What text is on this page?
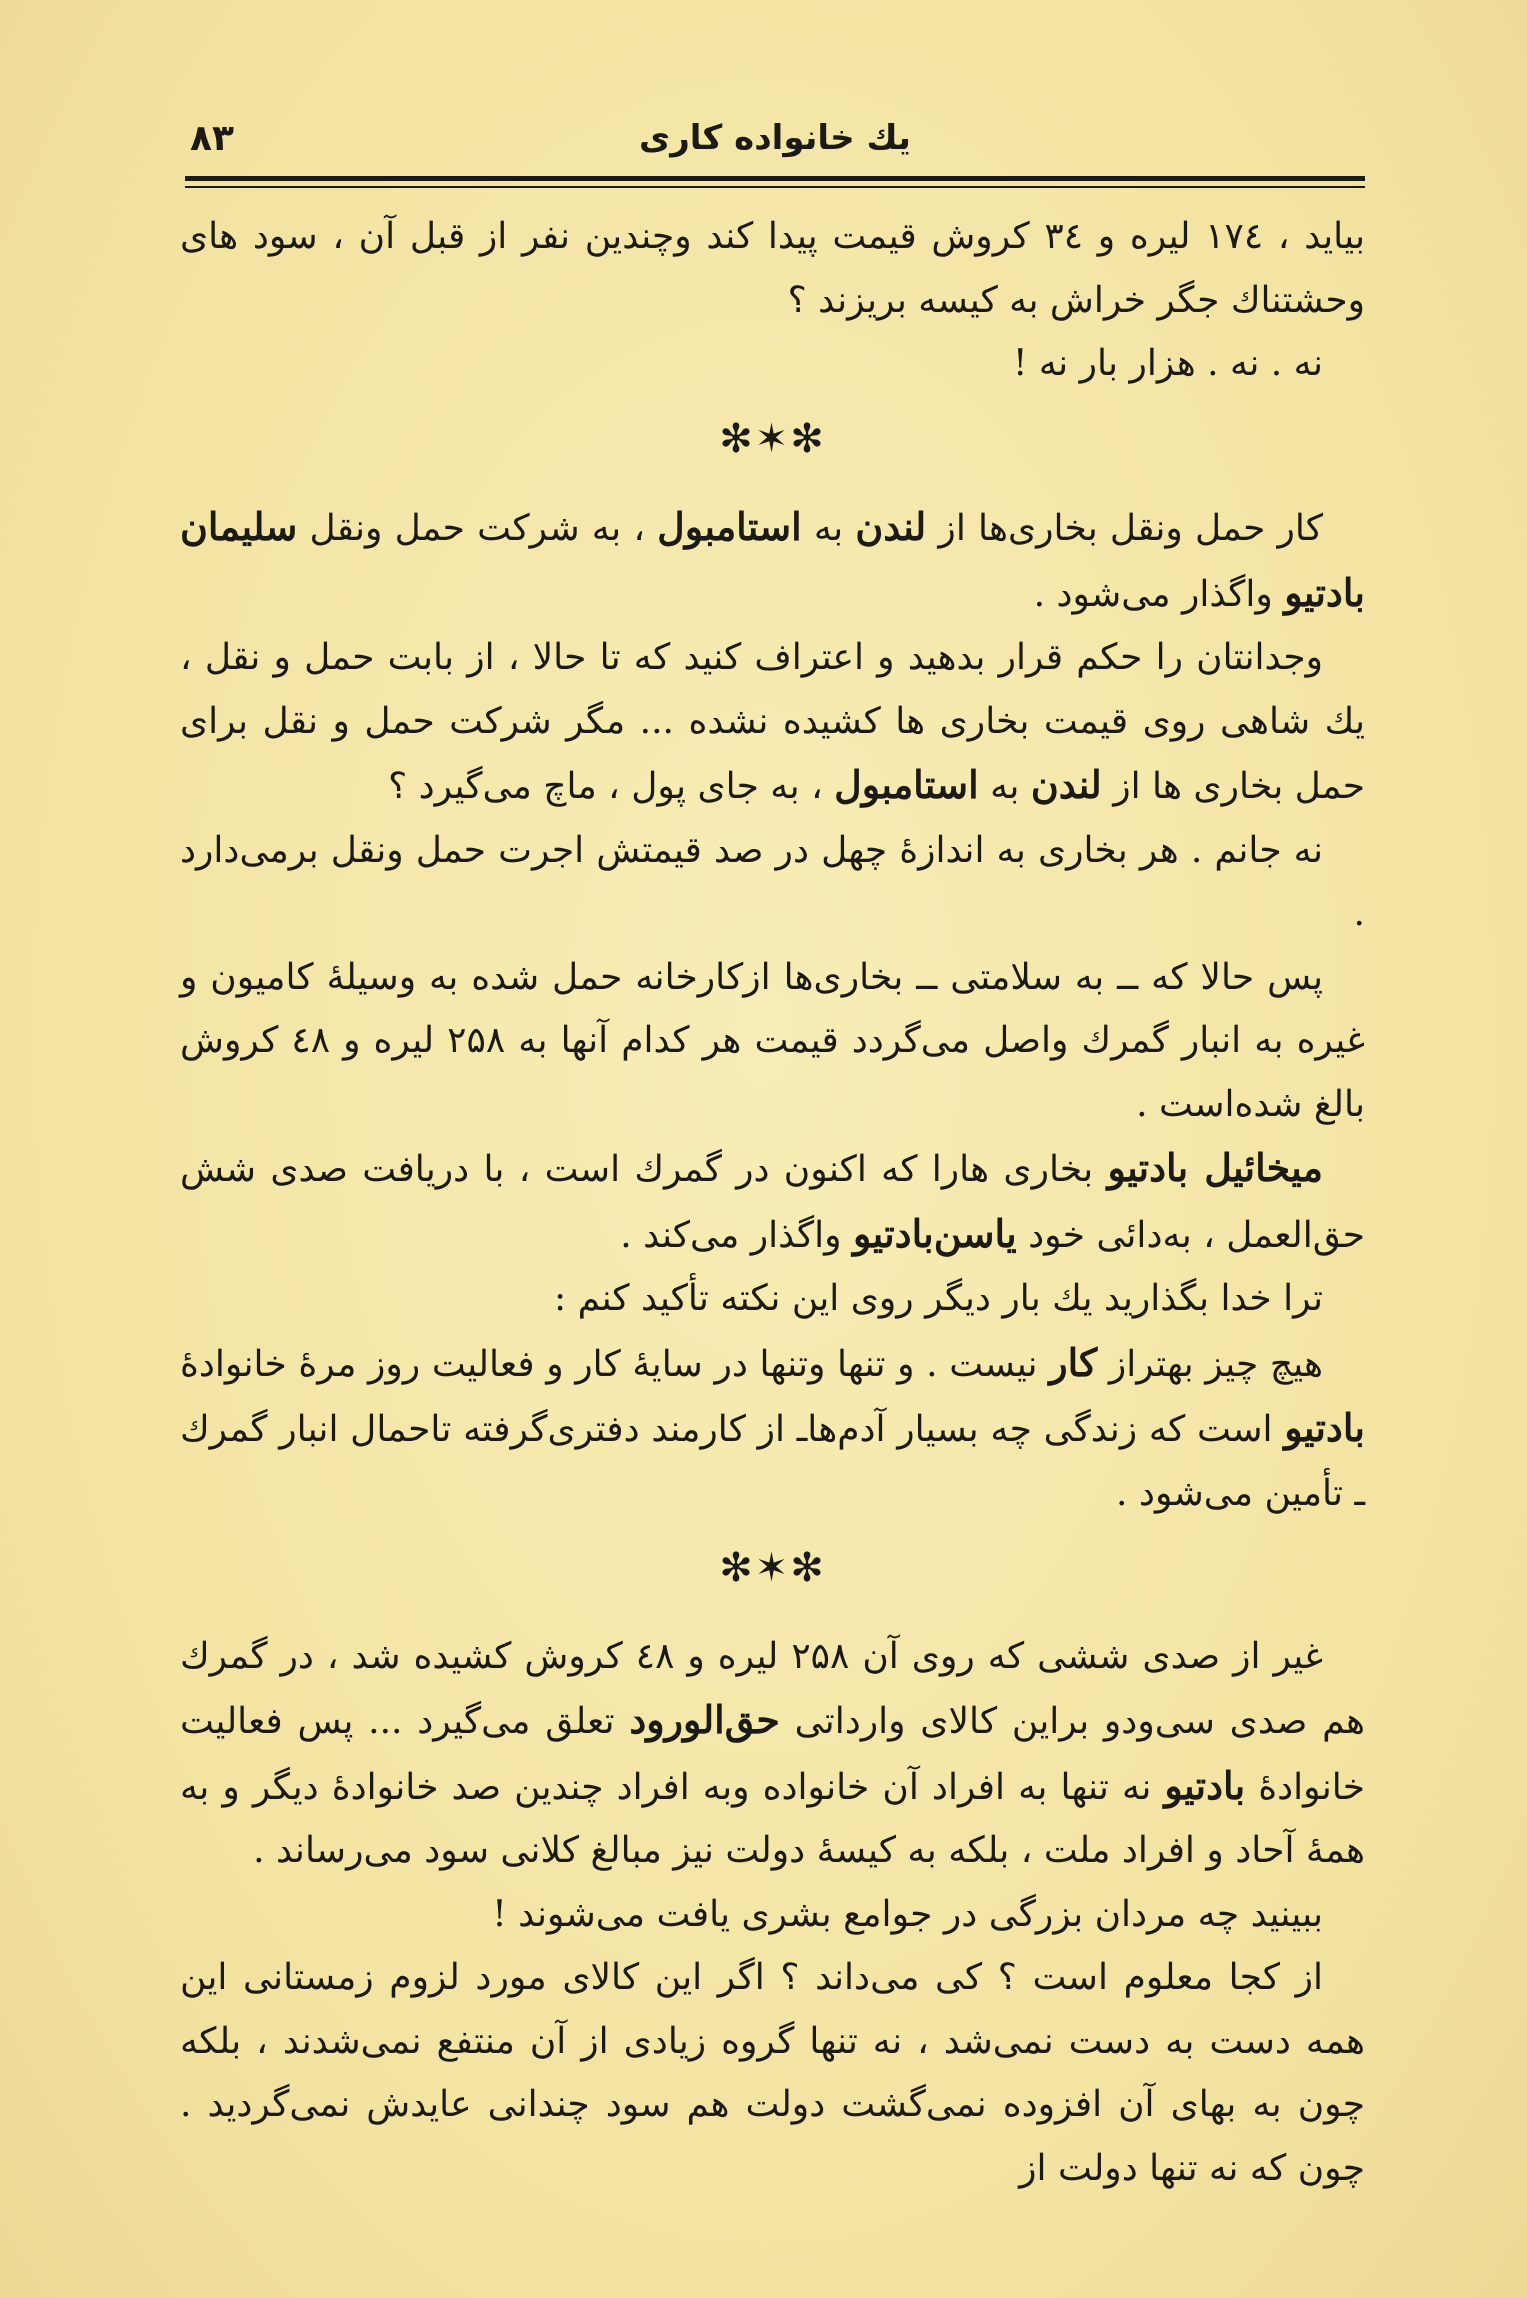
یك خانواده کاری
۸۳

بیاید ، ۱۷٤ لیره و ۳٤ کروش قیمت پیدا کند وچندین نفر از قبل آن ، سود های وحشتناك جگر خراش به کیسه بریزند ؟

نه . نه . هزار بار نه !

✻✶✻

کار حمل ونقل بخاری‌ها از لندن به استامبول ، به شرکت حمل ونقل سلیمان بادتیو واگذار می‌شود .

وجدانتان را حکم قرار بدهید و اعتراف کنید که تا حالا ، از بابت حمل و نقل ، یك شاهی روی قیمت بخاری ها کشیده نشده ... مگر شرکت حمل و نقل برای حمل بخاری ها از لندن به استامبول ، به جای پول ، ماچ می‌گیرد ؟

نه جانم . هر بخاری به اندازهٔ چهل در صد قیمتش اجرت حمل ونقل برمی‌دارد .

پس حالا که ــ به سلامتی ــ بخاری‌ها ازکارخانه حمل شده به وسیلهٔ کامیون و غیره به انبار گمرك واصل می‌گردد قیمت هر کدام آنها به ۲۵۸ لیره و ٤۸ کروش بالغ شده‌است .

میخائیل بادتیو بخاری هارا که اکنون در گمرك است ، با دریافت صدی شش حق‌العمل ، به‌دائی خود یاسن‌بادتیو واگذار می‌کند .

ترا خدا بگذارید یك بار دیگر روی این نکته تأکید کنم :

هیچ چیز بهتراز کار نیست . و تنها وتنها در سایهٔ کار و فعالیت روز مرهٔ خانوادهٔ بادتیو است که زندگی چه بسیار آدم‌هاـ از کارمند دفتری‌گرفته تاحمال انبار گمرك ـ تأمین می‌شود .

✻✶✻

غیر از صدی ششی که روی آن ۲۵۸ لیره و ٤۸ کروش کشیده شد ، در گمرك هم صدی سی‌ودو براین کالای وارداتی حق‌الورود تعلق می‌گیرد ... پس فعالیت خانوادهٔ بادتیو نه تنها به افراد آن خانواده وبه افراد چندین صد خانوادهٔ دیگر و به همهٔ آحاد و افراد ملت ، بلکه به کیسهٔ دولت نیز مبالغ کلانی سود می‌رساند .

ببینید چه مردان بزرگی در جوامع بشری یافت می‌شوند !

از کجا معلوم است ؟ کی می‌داند ؟ اگر این کالای مورد لزوم زمستانی این همه دست به دست نمی‌شد ، نه تنها گروه زیادی از آن منتفع نمی‌شدند ، بلکه چون به بهای آن افزوده نمی‌گشت دولت هم سود چندانی عایدش نمی‌گردید . چون که نه تنها دولت از
